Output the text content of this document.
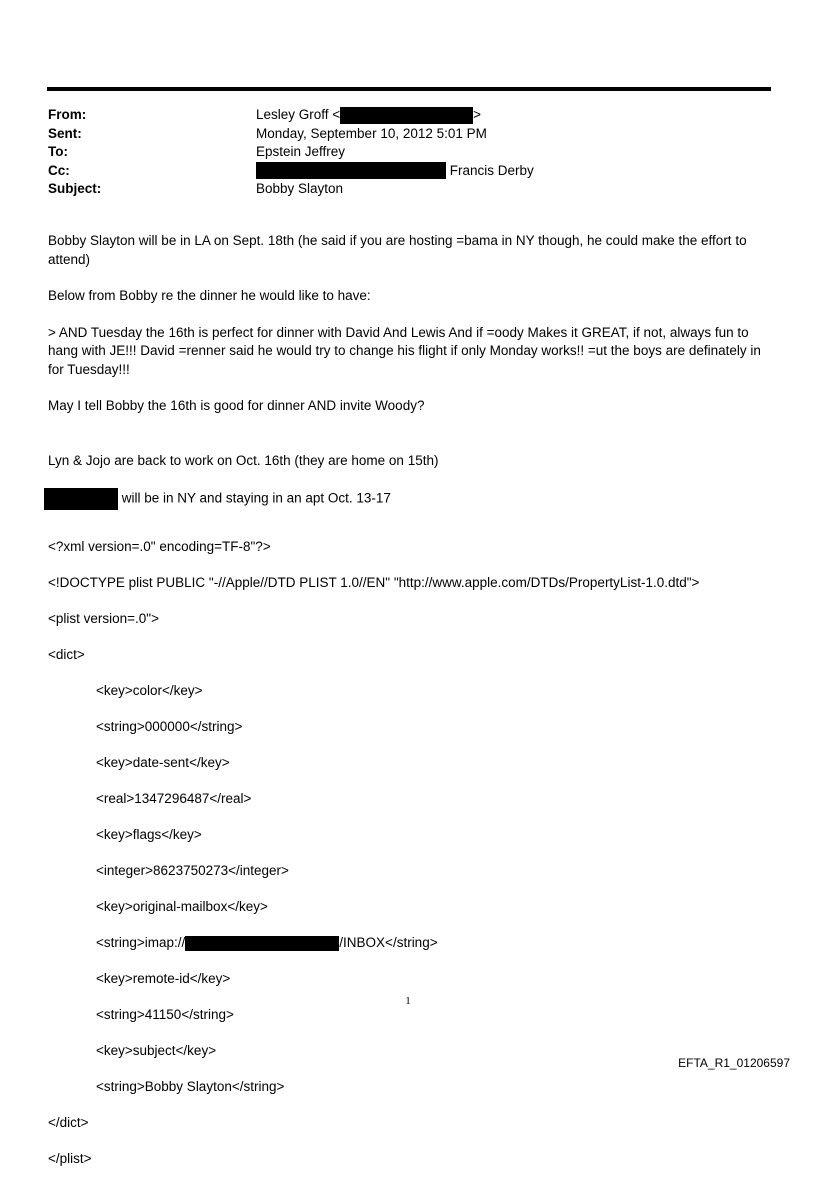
From:	Lesley Groff <	>
Sent:	Monday, September 10, 2012 5:01 PM
To:	Epstein Jeffrey
Cc:	Francis Derby
Subject:	Bobby Slayton

Bobby Slayton will be in LA on Sept. 18th (he said if you are hosting =bama in NY though, he could make the effort to attend)

Below from Bobby re the dinner he would like to have:

> AND Tuesday the 16th is perfect for dinner with David And Lewis And if =oody Makes it GREAT, if not, always fun to hang with JE!!! David =renner said he would try to change his flight if only Monday works!! =ut the boys are definately in for Tuesday!!!

May I tell Bobby the 16th is good for dinner AND invite Woody?

Lyn & Jojo are back to work on Oct. 16th (they are home on 15th)

will be in NY and staying in an apt Oct. 13-17

<?xml version=.0" encoding=TF-8"?>

<!DOCTYPE plist PUBLIC "-//Apple//DTD PLIST 1.0//EN" "http://www.apple.com/DTDs/PropertyList-1.0.dtd">

<plist version=.0">

<dict>

<key>color</key>

<string>000000</string>

<key>date-sent</key>

<real>1347296487</real>

<key>flags</key>

<integer>8623750273</integer>

<key>original-mailbox</key>

<string>imap://	/INBOX</string>

<key>remote-id</key>

<string>41150</string>

<key>subject</key>

<string>Bobby Slayton</string>

</dict>

</plist>

1
EFTA_R1_01206597
